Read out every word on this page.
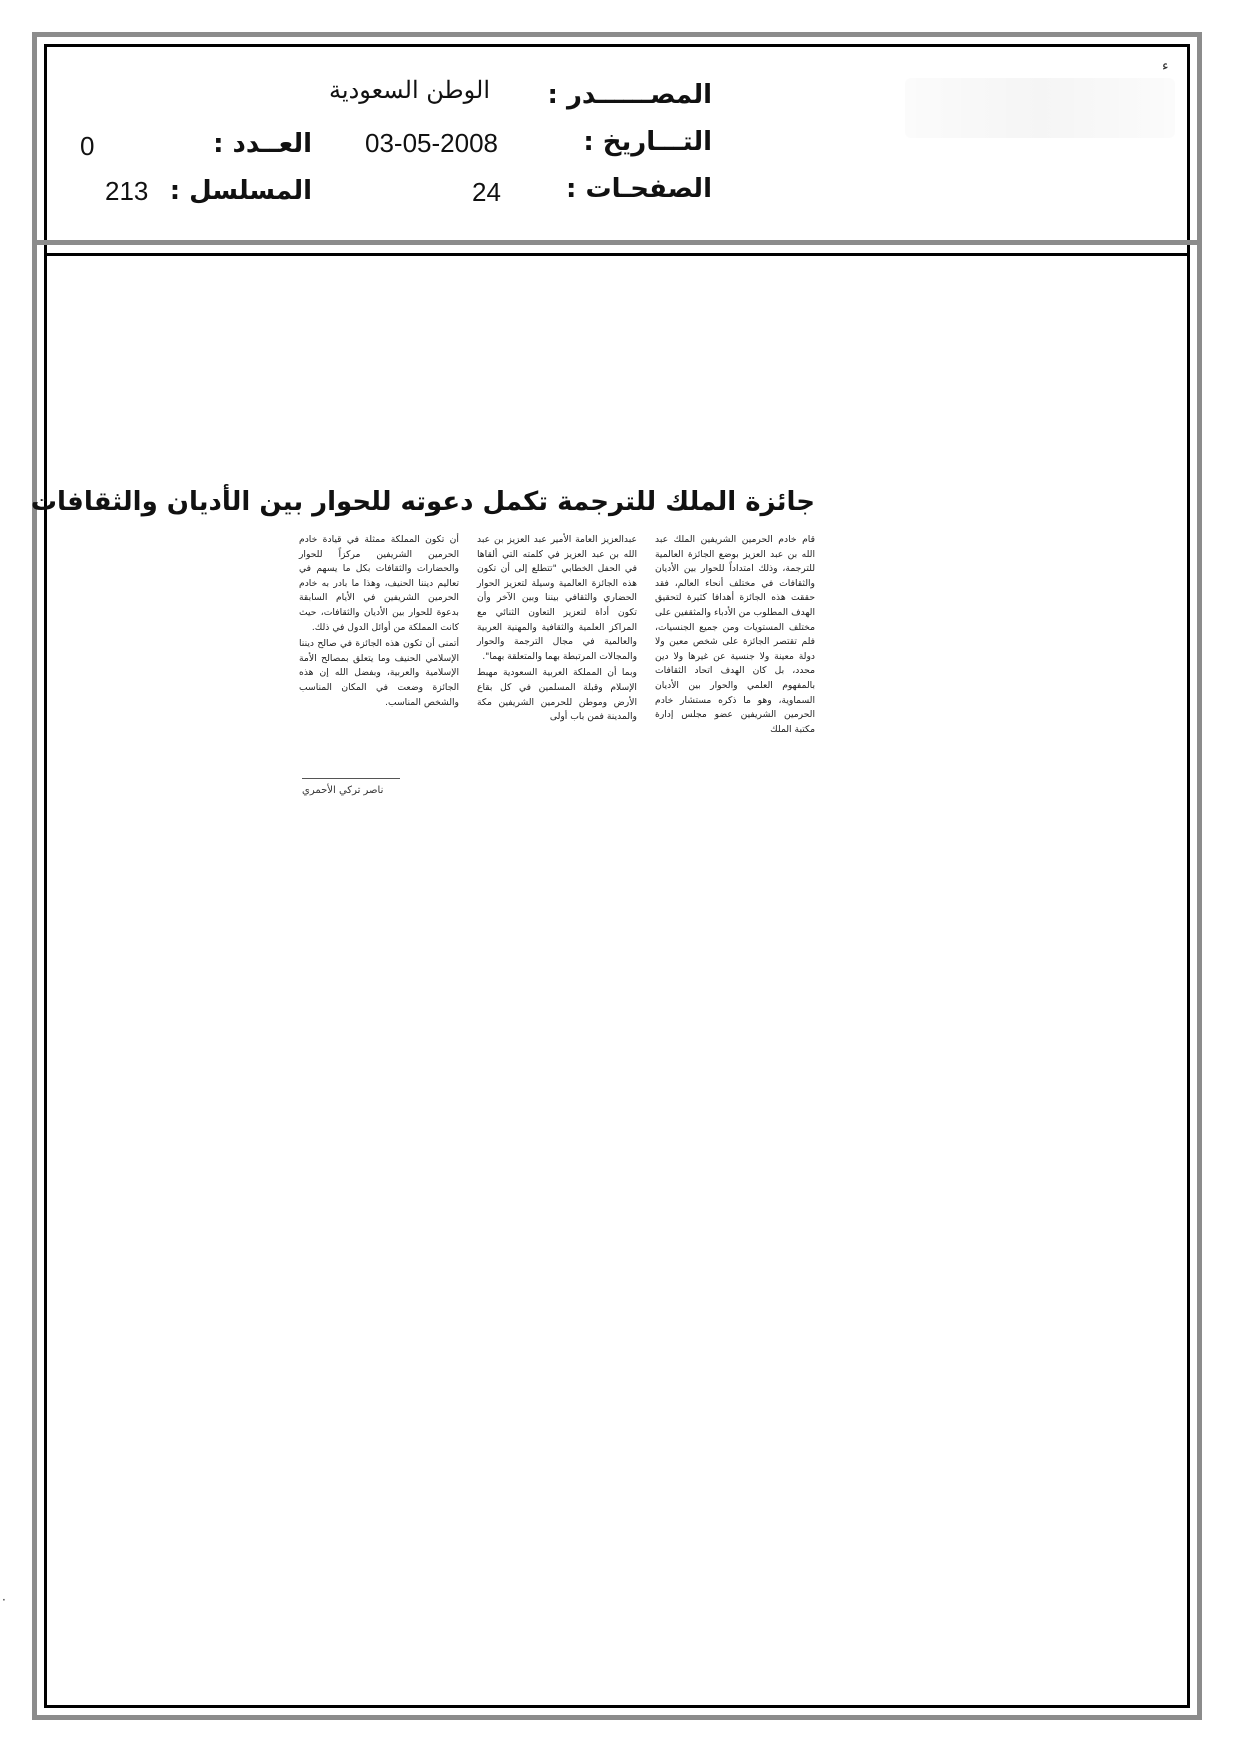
ء
·
المصــــــدر :
الوطن السعودية
التـــاريخ :
03-05-2008
الصفحـات :
24
العــدد :
0
المسلسل :
213
جائزة الملك للترجمة تكمل دعوته للحوار بين الأديان والثقافات

قام خادم الحرمين الشريفين الملك عبد الله بن عبد العزيز بوضع الجائزة العالمية للترجمة، وذلك امتداداً للحوار بين الأديان والثقافات في مختلف أنحاء العالم، فقد حققت هذه الجائزة أهدافا كثيرة لتحقيق الهدف المطلوب من الأدباء والمثقفين على مختلف المستويات ومن جميع الجنسيات، فلم تقتصر الجائزة على شخص معين ولا دولة معينة ولا جنسية عن غيرها ولا دين محدد، بل كان الهدف اتحاد الثقافات بالمفهوم العلمي والحوار بين الأديان السماوية، وهو ما ذكره مستشار خادم الحرمين الشريفين عضو مجلس إدارة مكتبة الملك

عبدالعزيز العامة الأمير عبد العزيز بن عبد الله بن عبد العزيز في كلمته التي ألقاها في الحفل الخطابي "تتطلع إلى أن تكون هذه الجائزة العالمية وسيلة لتعزيز الحوار الحضاري والثقافي بيننا وبين الآخر وأن تكون أداة لتعزيز التعاون الثنائي مع المراكز العلمية والثقافية والمهنية العربية والعالمية في مجال الترجمة والحوار والمجالات المرتبطة بهما والمتعلقة بهما".

وبما أن المملكة العربية السعودية مهبط الإسلام وقبلة المسلمين في كل بقاع الأرض وموطن للحرمين الشريفين مكة والمدينة فمن باب أولى

أن تكون المملكة ممثلة في قيادة خادم الحرمين الشريفين مركزاً للحوار والحضارات والثقافات بكل ما يسهم في تعاليم ديننا الحنيف، وهذا ما بادر به خادم الحرمين الشريفين في الأيام السابقة بدعوة للحوار بين الأديان والثقافات، حيث كانت المملكة من أوائل الدول في ذلك.

أتمنى أن تكون هذه الجائزة في صالح ديننا الإسلامي الحنيف وما يتعلق بمصالح الأمة الإسلامية والعربية، وبفضل الله إن هذه الجائزة وضعت في المكان المناسب والشخص المناسب.

ناصر تركي الأحمري
